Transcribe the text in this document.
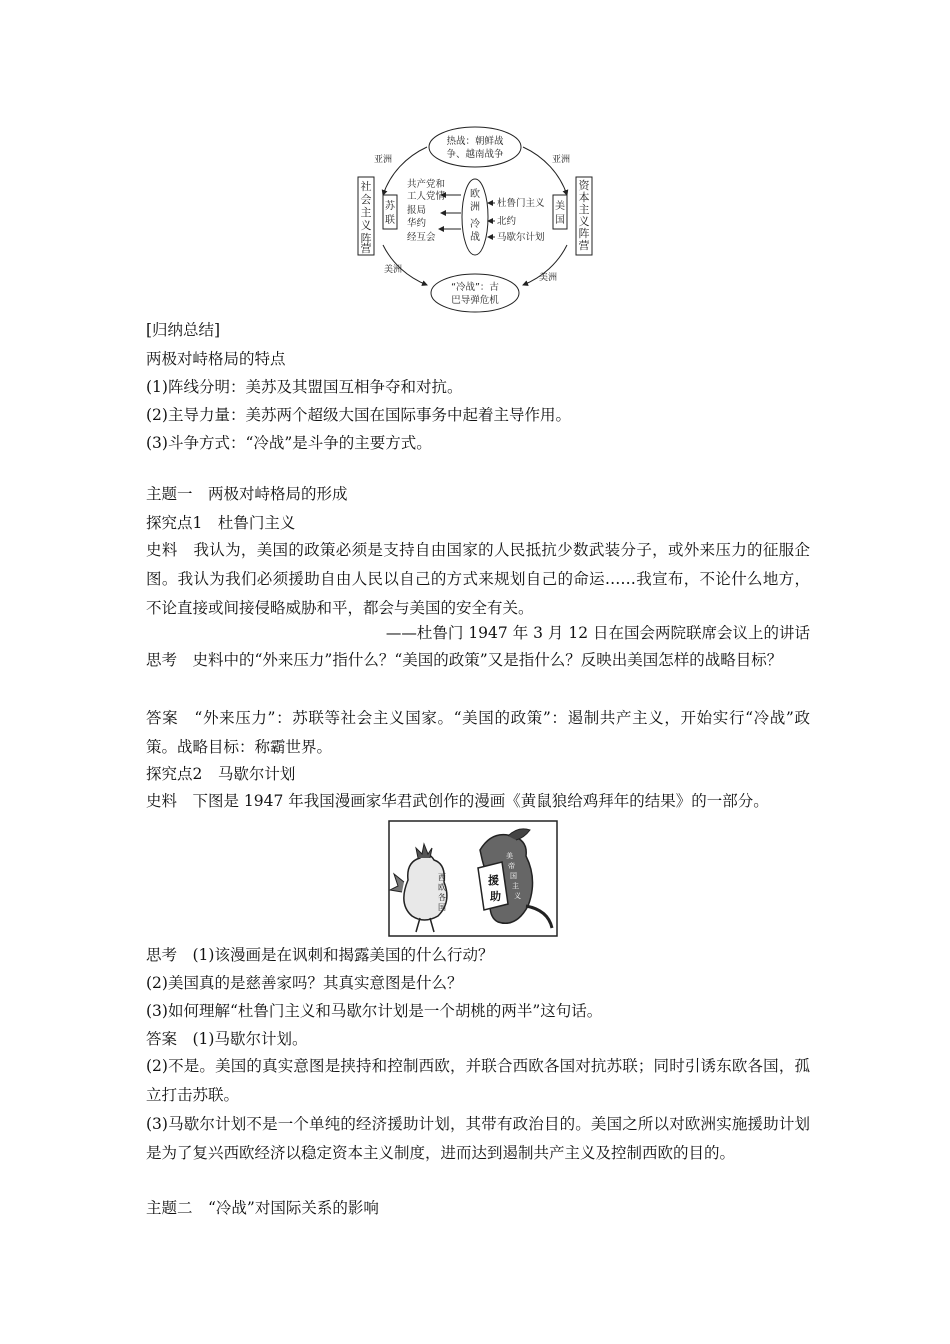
热战：朝鲜战
争、越南战争
“冷战”：古
巴导弹危机
亚洲	亚洲
美洲
美洲
社
会
主
义
阵
营
资
本
主
义
阵
营
苏
联
美
国
共产党和
工人党情
报局
华约
经互会
欧
洲
冷
战
杜鲁门主义
北约
马歇尔计划
[归纳总结]
两极对峙格局的特点
(1)阵线分明：美苏及其盟国互相争夺和对抗。
(2)主导力量：美苏两个超级大国在国际事务中起着主导作用。
(3)斗争方式：“冷战”是斗争的主要方式。
主题一　两极对峙格局的形成
探究点1　杜鲁门主义
史料　我认为，美国的政策必须是支持自由国家的人民抵抗少数武装分子，或外来压力的征服企图。我认为我们必须援助自由人民以自己的方式来规划自己的命运……我宣布，不论什么地方，不论直接或间接侵略威胁和平，都会与美国的安全有关。
——杜鲁门 1947 年 3 月 12 日在国会两院联席会议上的讲话
思考　史料中的“外来压力”指什么？“美国的政策”又是指什么？反映出美国怎样的战略目标？
答案　“外来压力”：苏联等社会主义国家。“美国的政策”：遏制共产主义，开始实行“冷战”政策。战略目标：称霸世界。
探究点2　马歇尔计划
史料　下图是 1947 年我国漫画家华君武创作的漫画《黄鼠狼给鸡拜年的结果》的一部分。
西
欧
各
国
美
帝
国
主
义
援
助
思考　(1)该漫画是在讽刺和揭露美国的什么行动？
(2)美国真的是慈善家吗？其真实意图是什么？
(3)如何理解“杜鲁门主义和马歇尔计划是一个胡桃的两半”这句话。
答案　(1)马歇尔计划。
(2)不是。美国的真实意图是挟持和控制西欧，并联合西欧各国对抗苏联；同时引诱东欧各国，孤立打击苏联。
(3)马歇尔计划不是一个单纯的经济援助计划，其带有政治目的。美国之所以对欧洲实施援助计划是为了复兴西欧经济以稳定资本主义制度，进而达到遏制共产主义及控制西欧的目的。
主题二　“冷战”对国际关系的影响
